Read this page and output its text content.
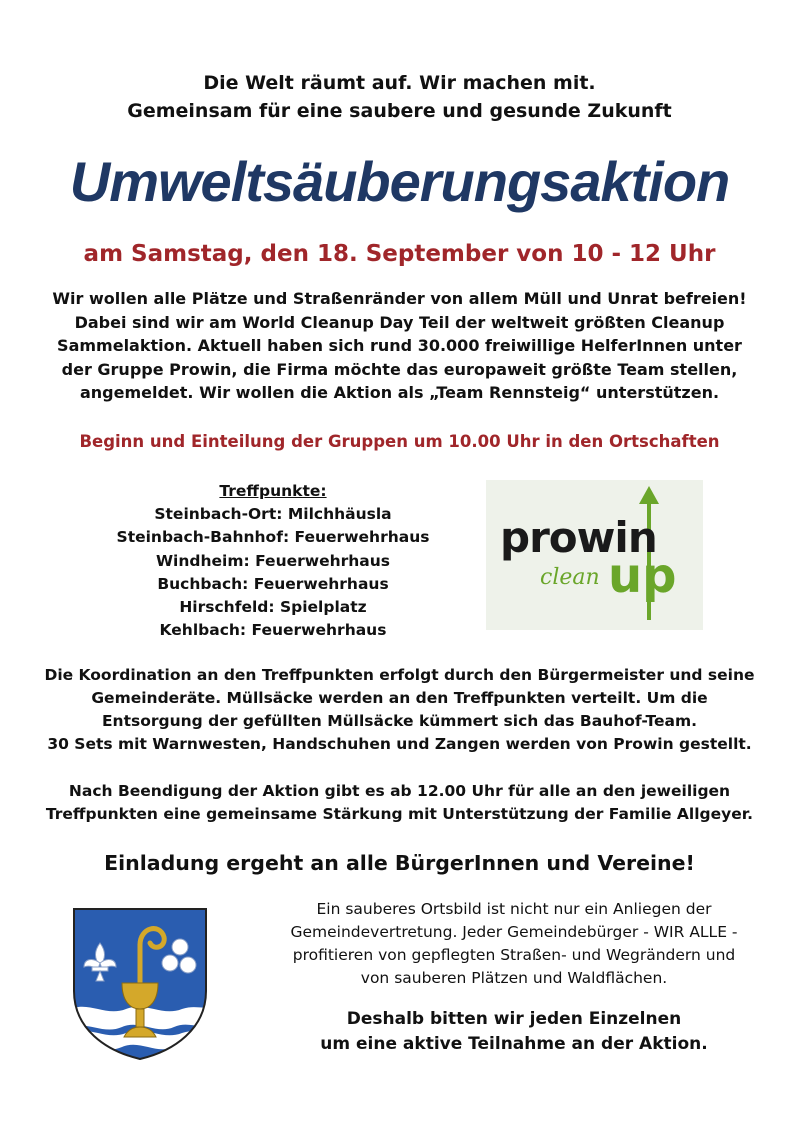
Die Welt räumt auf. Wir machen mit.
Gemeinsam für eine saubere und gesunde Zukunft
Umweltsäuberungsaktion
am Samstag, den 18. September von 10 - 12 Uhr
Wir wollen alle Plätze und Straßenränder von allem Müll und Unrat befreien!
Dabei sind wir am World Cleanup Day Teil der weltweit größten Cleanup
Sammelaktion. Aktuell haben sich rund 30.000 freiwillige HelferInnen unter
der Gruppe Prowin, die Firma möchte das europaweit größte Team stellen,
angemeldet. Wir wollen die Aktion als „Team Rennsteig“ unterstützen.
Beginn und Einteilung der Gruppen um 10.00 Uhr in den Ortschaften
Treffpunkte:
Steinbach-Ort: Milchhäusla
Steinbach-Bahnhof: Feuerwehrhaus
Windheim: Feuerwehrhaus
Buchbach: Feuerwehrhaus
Hirschfeld: Spielplatz
Kehlbach: Feuerwehrhaus
prowin
clean up
Die Koordination an den Treffpunkten erfolgt durch den Bürgermeister und seine
Gemeinderäte. Müllsäcke werden an den Treffpunkten verteilt. Um die
Entsorgung der gefüllten Müllsäcke kümmert sich das Bauhof-Team.
30 Sets mit Warnwesten, Handschuhen und Zangen werden von Prowin gestellt.
Nach Beendigung der Aktion gibt es ab 12.00 Uhr für alle an den jeweiligen
Treffpunkten eine gemeinsame Stärkung mit Unterstützung der Familie Allgeyer.
Einladung ergeht an alle BürgerInnen und Vereine!
Ein sauberes Ortsbild ist nicht nur ein Anliegen der
Gemeindevertretung. Jeder Gemeindebürger - WIR ALLE -
profitieren von gepflegten Straßen- und Wegrändern und
von sauberen Plätzen und Waldflächen.
Deshalb bitten wir jeden Einzelnen
um eine aktive Teilnahme an der Aktion.
